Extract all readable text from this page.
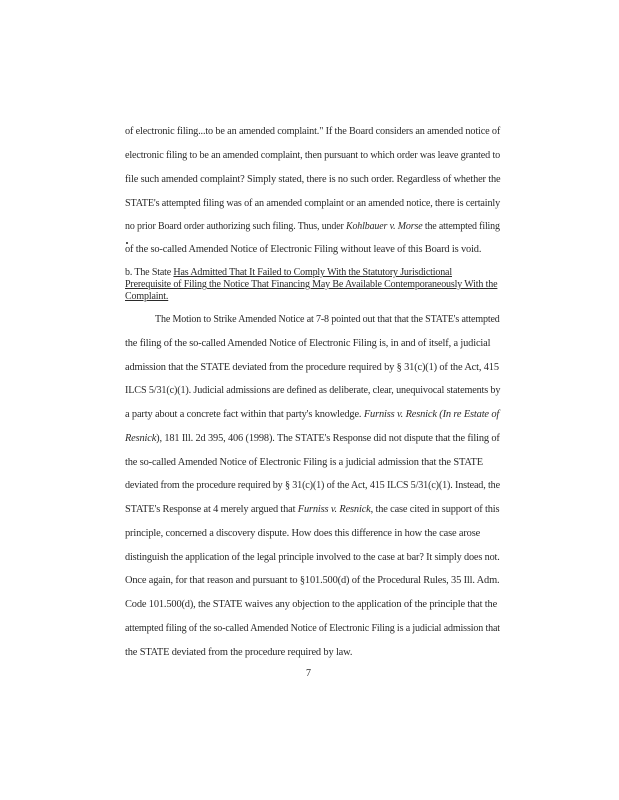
of electronic filing...to be an amended complaint." If the Board considers an amended notice of
electronic filing to be an amended complaint, then pursuant to which order was leave granted to
file such amended complaint? Simply stated, there is no such order. Regardless of whether the
STATE's attempted filing was of an amended complaint or an amended notice, there is certainly
no prior Board order authorizing such filing. Thus, under Kohlbauer v. Morse the attempted filing
of the so-called Amended Notice of Electronic Filing without leave of this Board is void.
b. The State Has Admitted That It Failed to Comply With the Statutory Jurisdictional
Prerequisite of Filing the Notice That Financing May Be Available Contemporaneously With the
Complaint.
The Motion to Strike Amended Notice at 7-8 pointed out that that the STATE's attempted
the filing of the so-called Amended Notice of Electronic Filing is, in and of itself, a judicial
admission that the STATE deviated from the procedure required by § 31(c)(1) of the Act, 415
ILCS 5/31(c)(1). Judicial admissions are defined as deliberate, clear, unequivocal statements by
a party about a concrete fact within that party's knowledge. Furniss v. Resnick (In re Estate of
Resnick), 181 Ill. 2d 395, 406 (1998). The STATE's Response did not dispute that the filing of
the so-called Amended Notice of Electronic Filing is a judicial admission that the STATE
deviated from the procedure required by § 31(c)(1) of the Act, 415 ILCS 5/31(c)(1). Instead, the
STATE's Response at 4 merely argued that Furniss v. Resnick, the case cited in support of this
principle, concerned a discovery dispute. How does this difference in how the case arose
distinguish the application of the legal principle involved to the case at bar? It simply does not.
Once again, for that reason and pursuant to §101.500(d) of the Procedural Rules, 35 Ill. Adm.
Code 101.500(d), the STATE waives any objection to the application of the principle that the
attempted filing of the so-called Amended Notice of Electronic Filing is a judicial admission that
the STATE deviated from the procedure required by law.
7
